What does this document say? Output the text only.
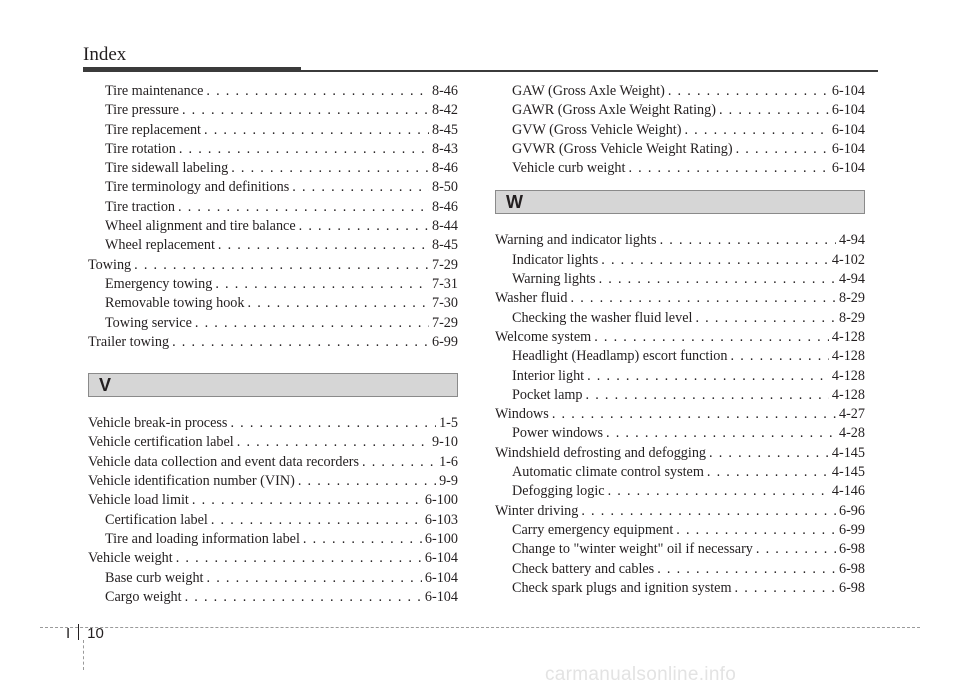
Index
Tire maintenance . . .	8-46
Tire pressure . . .	8-42
Tire replacement . . .	8-45
Tire rotation . . .	8-43
Tire sidewall labeling . . .	8-46
Tire terminology and definitions . . .	8-50
Tire traction . . .	8-46
Wheel alignment and tire balance . . .	8-44
Wheel replacement . . .	8-45
Towing . . .	7-29
Emergency towing . . .	7-31
Removable towing hook . . .	7-30
Towing service . . .	7-29
Trailer towing . . .	6-99
V
Vehicle break-in process . . .	1-5
Vehicle certification label . . .	9-10
Vehicle data collection and event data recorders . . .	1-6
Vehicle identification number (VIN) . . .	9-9
Vehicle load limit . . .	6-100
Certification label . . .	6-103
Tire and loading information label . . .	6-100
Vehicle weight . . .	6-104
Base curb weight . . .	6-104
Cargo weight . . .	6-104
GAW (Gross Axle Weight) . . .	6-104
GAWR (Gross Axle Weight Rating) . . .	6-104
GVW (Gross Vehicle Weight) . . .	6-104
GVWR (Gross Vehicle Weight Rating) . . .	6-104
Vehicle curb weight . . .	6-104
W
Warning and indicator lights . . .	4-94
Indicator lights . . .	4-102
Warning lights . . .	4-94
Washer fluid . . .	8-29
Checking the washer fluid level . . .	8-29
Welcome system . . .	4-128
Headlight (Headlamp) escort function . . .	4-128
Interior light . . .	4-128
Pocket lamp . . .	4-128
Windows . . .	4-27
Power windows . . .	4-28
Windshield defrosting and defogging . . .	4-145
Automatic climate control system . . .	4-145
Defogging logic . . .	4-146
Winter driving . . .	6-96
Carry emergency equipment . . .	6-99
Change to "winter weight" oil if necessary . . .	6-98
Check battery and cables . . .	6-98
Check spark plugs and ignition system . . .	6-98
I 10
carmanualsonline.info
